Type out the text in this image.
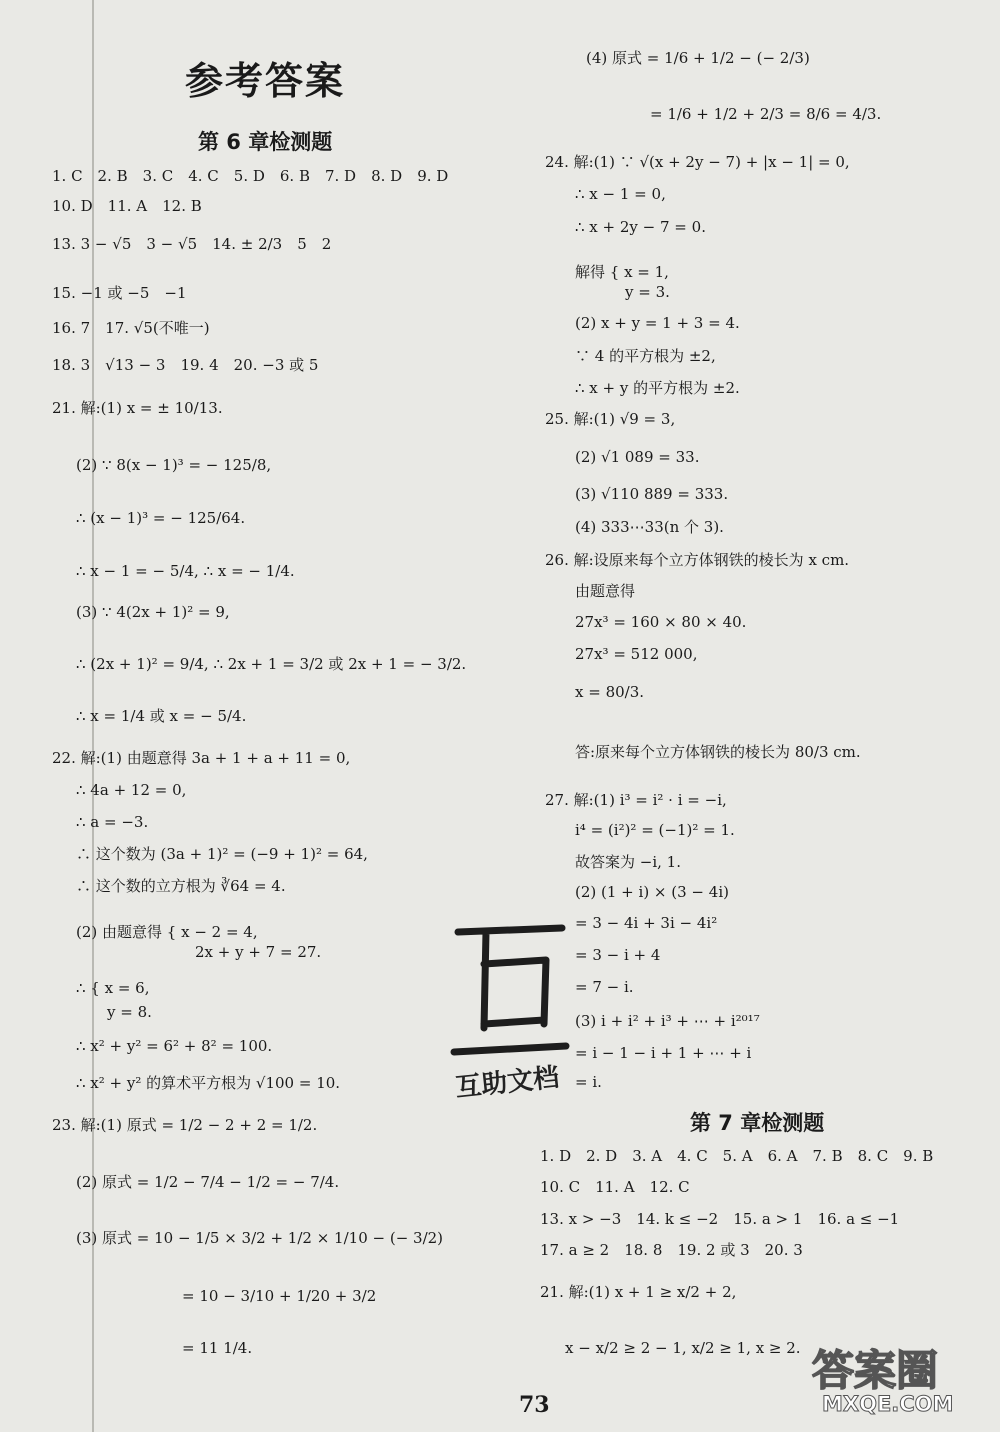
参考答案
第 6 章检测题
1. C　2. B　3. C　4. C　5. D　6. B　7. D　8. D　9. D
10. D　11. A　12. B
13. 3 − √5　3 − √5　14. ± 2/3　5　2
15. −1 或 −5　−1
16. 7　17. √5(不唯一)
18. 3　√13 − 3　19. 4　20. −3 或 5
21. 解:(1) x = ± 10/13.
(2) ∵ 8(x − 1)³ = − 125/8,
∴ (x − 1)³ = − 125/64.
∴ x − 1 = − 5/4, ∴ x = − 1/4.
(3) ∵ 4(2x + 1)² = 9,
∴ (2x + 1)² = 9/4, ∴ 2x + 1 = 3/2 或 2x + 1 = − 3/2.
∴ x = 1/4 或 x = − 5/4.
22. 解:(1) 由题意得 3a + 1 + a + 11 = 0,
∴ 4a + 12 = 0,
∴ a = −3.
∴ 这个数为 (3a + 1)² = (−9 + 1)² = 64,
∴ 这个数的立方根为 ∛64 = 4.
(2) 由题意得 { x − 2 = 4,
2x + y + 7 = 27.
∴ { x = 6,
y = 8.
∴ x² + y² = 6² + 8² = 100.
∴ x² + y² 的算术平方根为 √100 = 10.
23. 解:(1) 原式 = 1/2 − 2 + 2 = 1/2.
(2) 原式 = 1/2 − 7/4 − 1/2 = − 7/4.
(3) 原式 = 10 − 1/5 × 3/2 + 1/2 × 1/10 − (− 3/2)
= 10 − 3/10 + 1/20 + 3/2
= 11 1/4.
(4) 原式 = 1/6 + 1/2 − (− 2/3)
= 1/6 + 1/2 + 2/3 = 8/6 = 4/3.
24. 解:(1) ∵ √(x + 2y − 7) + |x − 1| = 0,
∴ x − 1 = 0,
∴ x + 2y − 7 = 0.
解得 { x = 1,
y = 3.
(2) x + y = 1 + 3 = 4.
∵ 4 的平方根为 ±2,
∴ x + y 的平方根为 ±2.
25. 解:(1) √9 = 3,
(2) √1 089 = 33.
(3) √110 889 = 333.
(4) 333⋯33(n 个 3).
26. 解:设原来每个立方体钢铁的棱长为 x cm.
由题意得
27x³ = 160 × 80 × 40.
27x³ = 512 000,
x = 80/3.
答:原来每个立方体钢铁的棱长为 80/3 cm.
27. 解:(1) i³ = i² · i = −i,
i⁴ = (i²)² = (−1)² = 1.
故答案为 −i, 1.
(2) (1 + i) × (3 − 4i)
= 3 − 4i + 3i − 4i²
= 3 − i + 4
= 7 − i.
(3) i + i² + i³ + ⋯ + i²⁰¹⁷
= i − 1 − i + 1 + ⋯ + i
= i.
第 7 章检测题
1. D　2. D　3. A　4. C　5. A　6. A　7. B　8. C　9. B
10. C　11. A　12. C
13. x > −3　14. k ≤ −2　15. a > 1　16. a ≤ −1
17. a ≥ 2　18. 8　19. 2 或 3　20. 3
21. 解:(1) x + 1 ≥ x/2 + 2,
x − x/2 ≥ 2 − 1, x/2 ≥ 1, x ≥ 2.
互助文档
73
答案圈
MXQE.COM
